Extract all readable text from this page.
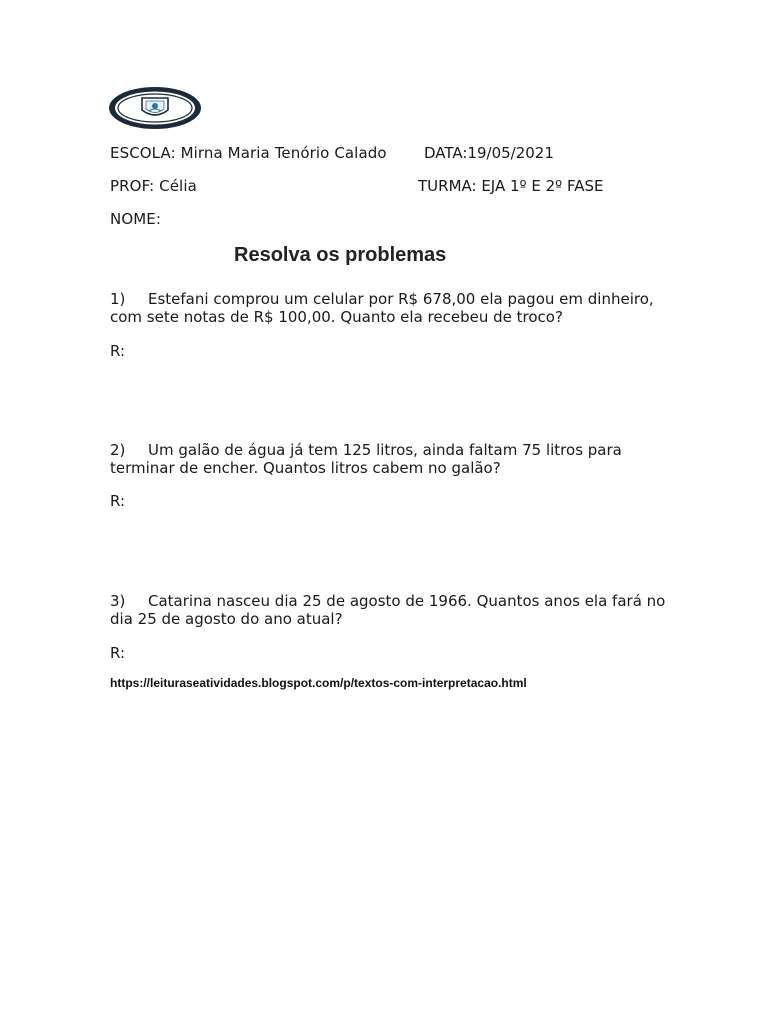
ESCOLA: Mirna Maria Tenório Calado DATA:19/05/2021
PROF: Célia	TURMA: EJA 1º E 2º FASE
NOME:
Resolva os problemas
1) Estefani comprou um celular por R$ 678,00 ela pagou em dinheiro, com sete notas de R$ 100,00. Quanto ela recebeu de troco?
R:
2) Um galão de água já tem 125 litros, ainda faltam 75 litros para terminar de encher. Quantos litros cabem no galão?
R:
3) Catarina nasceu dia 25 de agosto de 1966. Quantos anos ela fará no dia 25 de agosto do ano atual?
R:
https://leituraseatividades.blogspot.com/p/textos-com-interpretacao.html
